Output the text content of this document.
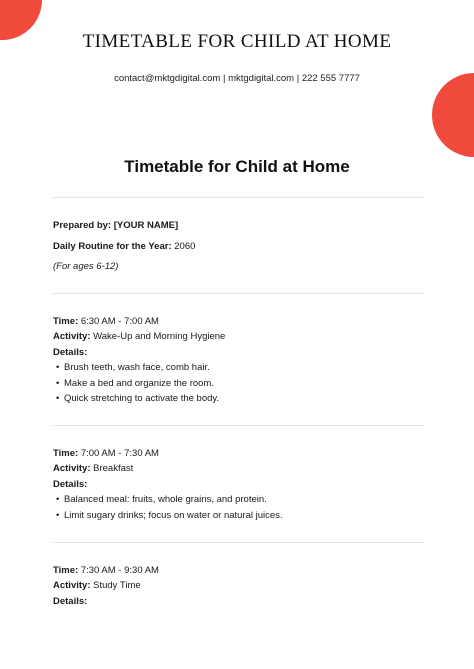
TIMETABLE FOR CHILD AT HOME
contact@mktgdigital.com | mktgdigital.com | 222 555 7777
Timetable for Child at Home
Prepared by: [YOUR NAME]
Daily Routine for the Year: 2060
(For ages 6-12)
Time: 6:30 AM - 7:00 AM
Activity: Wake-Up and Morning Hygiene
Details:
• Brush teeth, wash face, comb hair.
• Make a bed and organize the room.
• Quick stretching to activate the body.
Time: 7:00 AM - 7:30 AM
Activity: Breakfast
Details:
• Balanced meal: fruits, whole grains, and protein.
• Limit sugary drinks; focus on water or natural juices.
Time: 7:30 AM - 9:30 AM
Activity: Study Time
Details:
